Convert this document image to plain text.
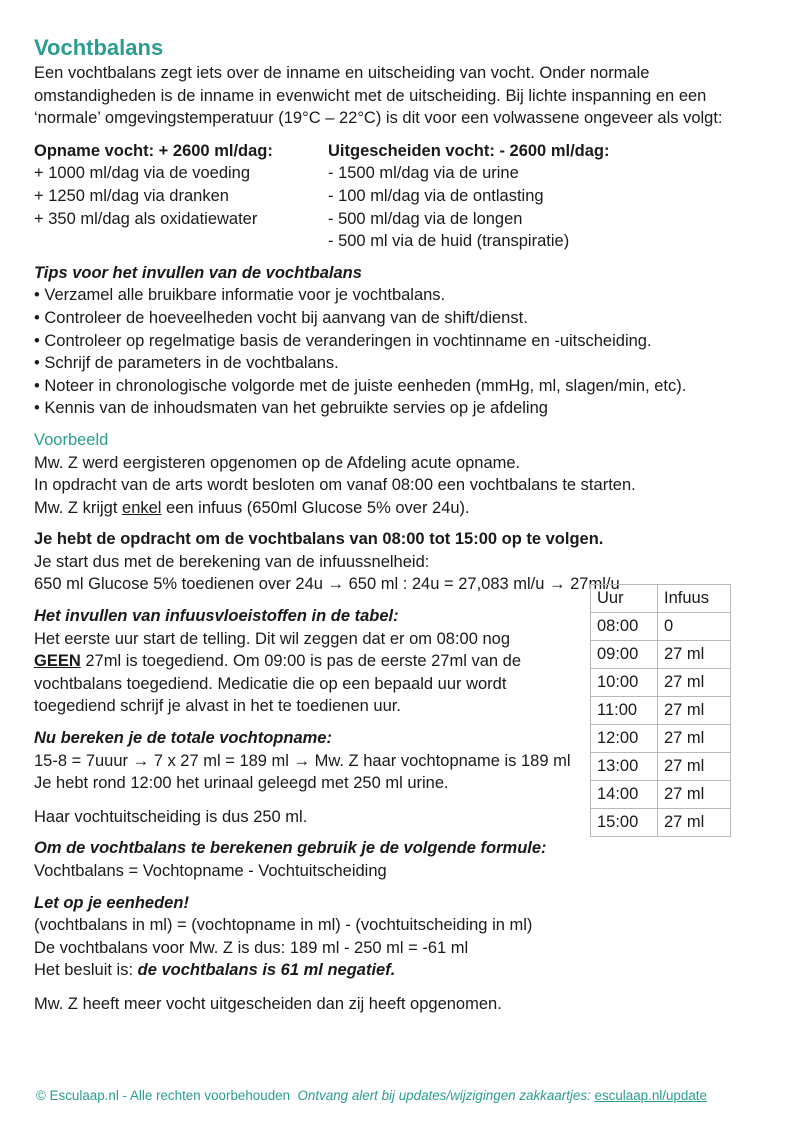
Vochtbalans

Een vochtbalans zegt iets over de inname en uitscheiding van vocht. Onder normale

omstandigheden is de inname in evenwicht met de uitscheiding. Bij lichte inspanning en een

‘normale’ omgevingstemperatuur (19°C – 22°C) is dit voor een volwassene ongeveer als volgt:

Opname vocht: + 2600 ml/dag:

+ 1000 ml/dag via de voeding

+ 1250 ml/dag via dranken

+ 350 ml/dag als oxidatiewater

Uitgescheiden vocht: - 2600 ml/dag:

- 1500 ml/dag via de urine

- 100 ml/dag via de ontlasting

- 500 ml/dag via de longen

- 500 ml via de huid (transpiratie)

Tips voor het invullen van de vochtbalans

• Verzamel alle bruikbare informatie voor je vochtbalans.

• Controleer de hoeveelheden vocht bij aanvang van de shift/dienst.

• Controleer op regelmatige basis de veranderingen in vochtinname en -uitscheiding.

• Schrijf de parameters in de vochtbalans.

• Noteer in chronologische volgorde met de juiste eenheden (mmHg, ml, slagen/min, etc).

• Kennis van de inhoudsmaten van het gebruikte servies op je afdeling

Voorbeeld

Mw. Z werd eergisteren opgenomen op de Afdeling acute opname.

In opdracht van de arts wordt besloten om vanaf 08:00 een vochtbalans te starten.

Mw. Z krijgt enkel een infuus (650ml Glucose 5% over 24u).

Je hebt de opdracht om de vochtbalans van 08:00 tot 15:00 op te volgen.

Je start dus met de berekening van de infuussnelheid:

650 ml Glucose 5% toedienen over 24u → 650 ml : 24u = 27,083 ml/u → 27ml/u

Het invullen van infuusvloeistoffen in de tabel:

Het eerste uur start de telling. Dit wil zeggen dat er om 08:00 nog

GEEN 27ml is toegediend. Om 09:00 is pas de eerste 27ml van de

vochtbalans toegediend. Medicatie die op een bepaald uur wordt

toegediend schrijf je alvast in het te toedienen uur.

Nu bereken je de totale vochtopname:

15-8 = 7uuur → 7 x 27 ml = 189 ml → Mw. Z haar vochtopname is 189 ml

Je hebt rond 12:00 het urinaal geleegd met 250 ml urine.

Haar vochtuitscheiding is dus 250 ml.

Om de vochtbalans te berekenen gebruik je de volgende formule:

Vochtbalans = Vochtopname - Vochtuitscheiding

Let op je eenheden!

(vochtbalans in ml) = (vochtopname in ml) - (vochtuitscheiding in ml)

De vochtbalans voor Mw. Z is dus: 189 ml - 250 ml = -61 ml

Het besluit is: de vochtbalans is 61 ml negatief.

Mw. Z heeft meer vocht uitgescheiden dan zij heeft opgenomen.

Uur	Infuus
08:00	0
09:00	27 ml
10:00	27 ml
11:00	27 ml
12:00	27 ml
13:00	27 ml
14:00	27 ml
15:00	27 ml
© Esculaap.nl - Alle rechten voorbehouden Ontvang alert bij updates/wijzigingen zakkaartjes: esculaap.nl/update
